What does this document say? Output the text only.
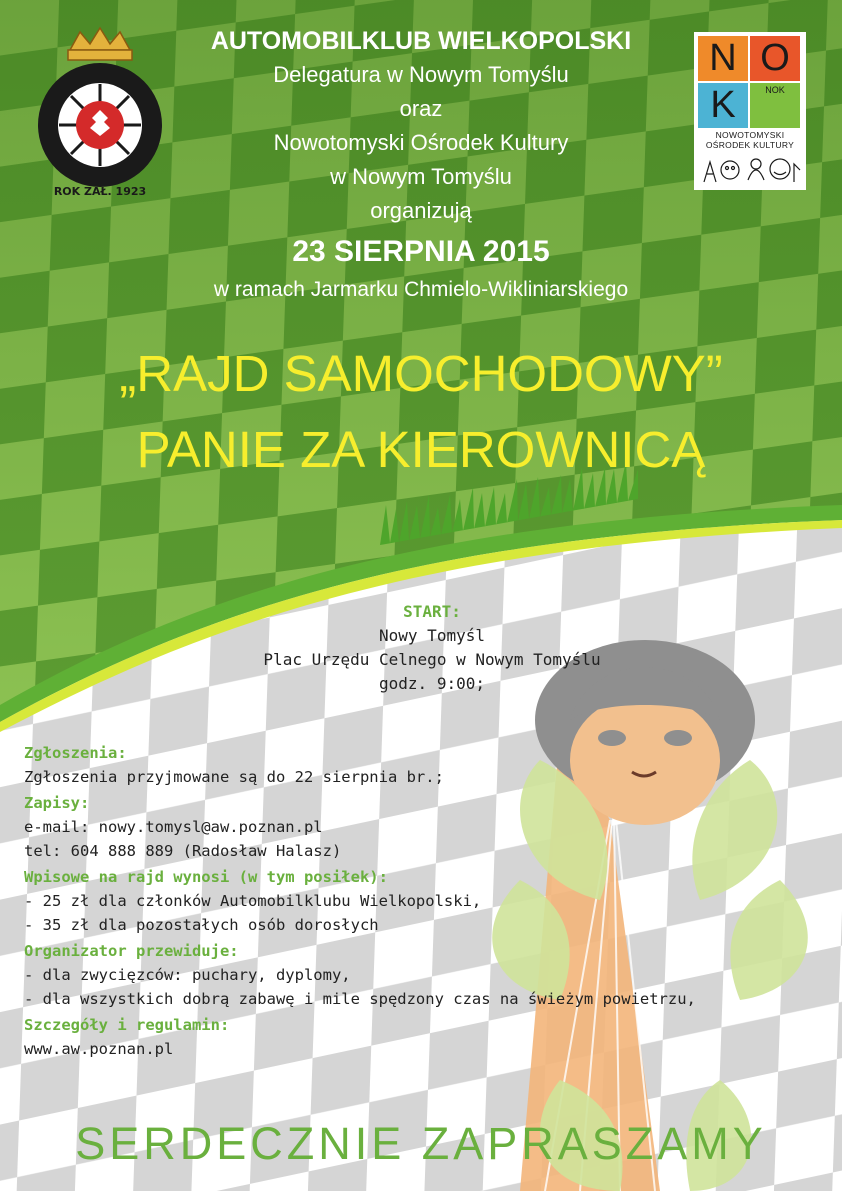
ROK ZAŁ. 1923
N O
K	NOK
NOWOTOMYSKI
OŚRODEK KULTURY
AUTOMOBILKLUB WIELKOPOLSKI
Delegatura w Nowym Tomyślu
oraz
Nowotomyski Ośrodek Kultury
w Nowym Tomyślu
organizują
23 SIERPNIA 2015
w ramach Jarmarku Chmielo-Wikliniarskiego
„RAJD SAMOCHODOWY”
PANIE ZA KIEROWNICĄ
START:
Nowy Tomyśl
Plac Urzędu Celnego w Nowym Tomyślu
godz. 9:00;
Zgłoszenia:
Zgłoszenia przyjmowane są do 22 sierpnia br.;
Zapisy:
e-mail: nowy.tomysl@aw.poznan.pl
tel: 604 888 889 (Radosław Halasz)
Wpisowe na rajd wynosi (w tym posiłek):
- 25 zł dla członków Automobilklubu Wielkopolski,
- 35 zł dla pozostałych osób dorosłych
Organizator przewiduje:
- dla zwycięzców: puchary, dyplomy,
- dla wszystkich dobrą zabawę i mile spędzony czas na świeżym powietrzu,
Szczegóły i regulamin:
www.aw.poznan.pl
SERDECZNIE ZAPRASZAMY
